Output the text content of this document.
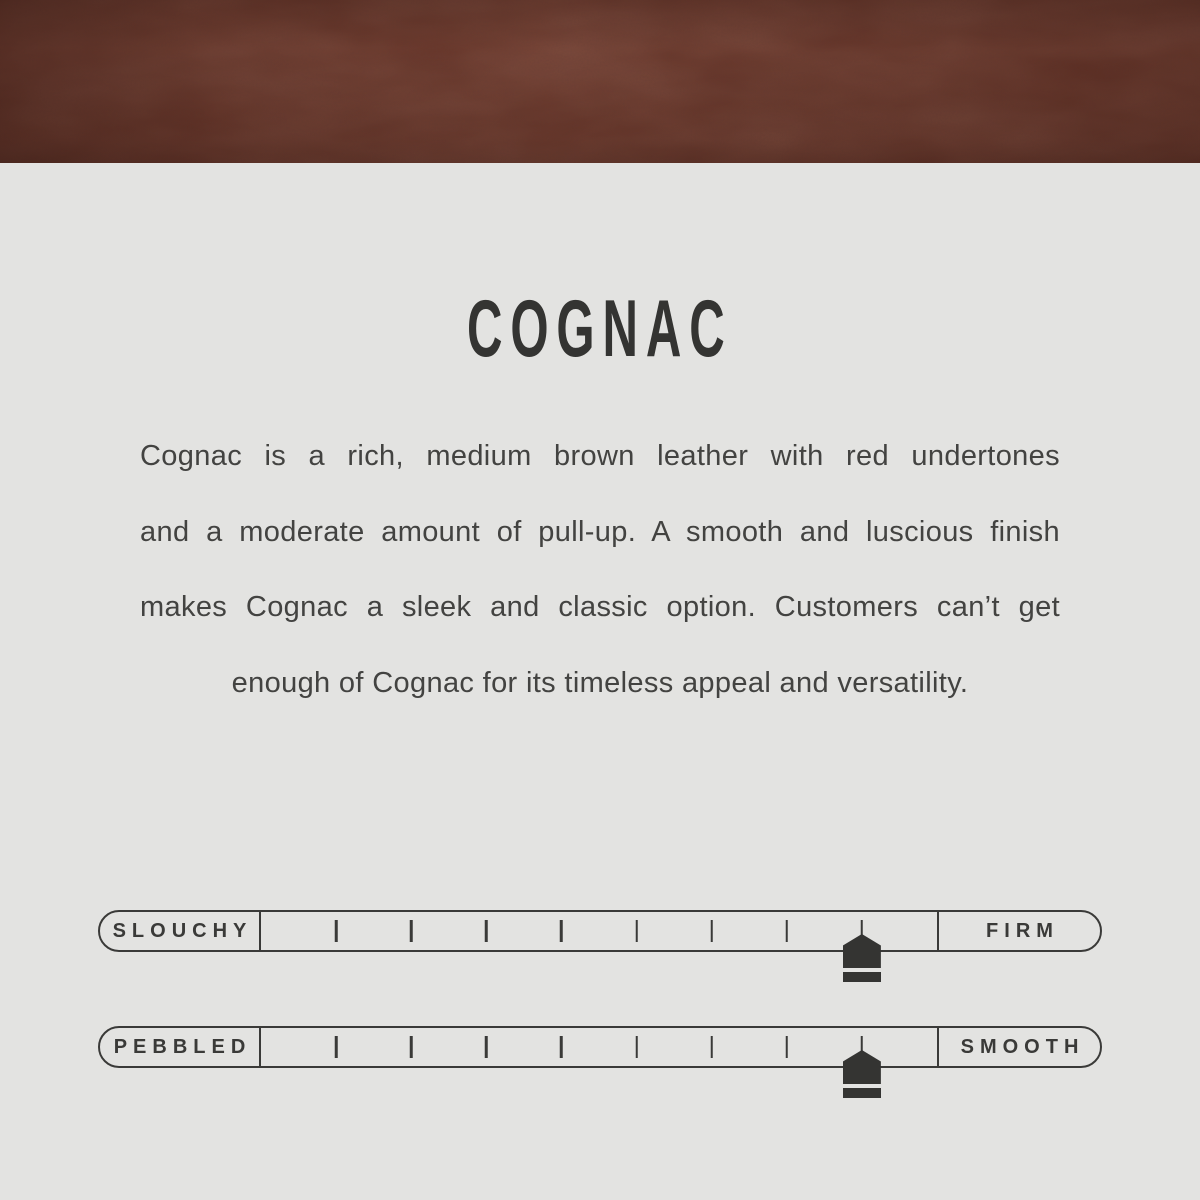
COGNAC
Cognac is a rich, medium brown leather with red undertones
and a moderate amount of pull-up. A smooth and luscious finish
makes Cognac a sleek and classic option. Customers can’t get
enough of Cognac for its timeless appeal and versatility.
SLOUCHY	FIRM
PEBBLED	SMOOTH
